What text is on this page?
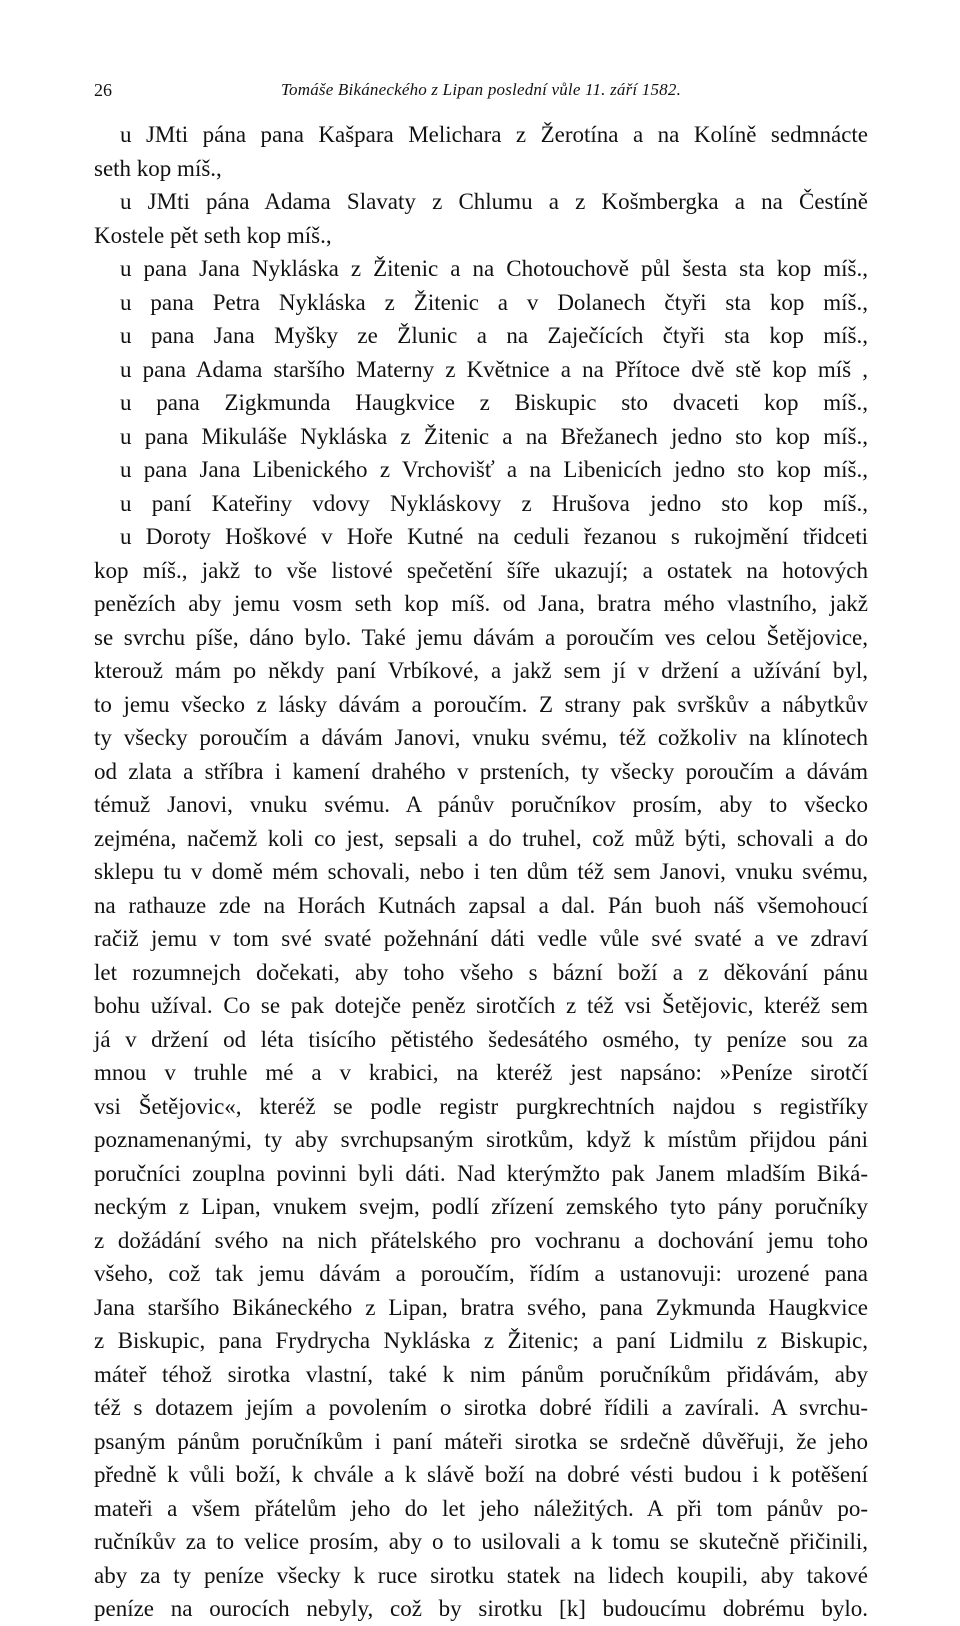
26	Tomáše Bikáneckého z Lipan poslední vůle 11. září 1582.
u JMti pána pana Kašpara Melichara z Žerotína a na Kolíně sedmnácte
seth kop míš.,
u JMti pána Adama Slavaty z Chlumu a z Košmbergka a na Čestíně
Kostele pět seth kop míš.,
u pana Jana Nykláska z Žitenic a na Chotouchově půl šesta sta kop míš.,
u pana Petra Nykláska z Žitenic a v Dolanech čtyři sta kop míš.,
u pana Jana Myšky ze Žlunic a na Zaječících čtyři sta kop míš.,
u pana Adama staršího Materny z Květnice a na Přítoce dvě stě kop míš ,
u pana Zigkmunda Haugkvice z Biskupic sto dvaceti kop míš.,
u pana Mikuláše Nykláska z Žitenic a na Břežanech jedno sto kop míš.,
u pana Jana Libenického z Vrchovišť a na Libenicích jedno sto kop míš.,
u paní Kateřiny vdovy Nykláskovy z Hrušova jedno sto kop míš.,
u Doroty Hoškové v Hoře Kutné na ceduli řezanou s rukojmění třidceti
kop míš., jakž to vše listové spečetění šíře ukazují; a ostatek na hotových
penězích aby jemu vosm seth kop míš. od Jana, bratra mého vlastního, jakž
se svrchu píše, dáno bylo. Také jemu dávám a poroučím ves celou Šetějovice,
kterouž mám po někdy paní Vrbíkové, a jakž sem jí v držení a užívání byl,
to jemu všecko z lásky dávám a poroučím. Z strany pak svrškův a nábytkův
ty všecky poroučím a dávám Janovi, vnuku svému, též cožkoliv na klínotech
od zlata a stříbra i kamení drahého v prsteních, ty všecky poroučím a dávám
témuž Janovi, vnuku svému. A pánův poručníkov prosím, aby to všecko
zejména, načemž koli co jest, sepsali a do truhel, což můž býti, schovali a do
sklepu tu v domě mém schovali, nebo i ten dům též sem Janovi, vnuku svému,
na rathauze zde na Horách Kutnách zapsal a dal. Pán buoh náš všemohoucí
račiž jemu v tom své svaté požehnání dáti vedle vůle své svaté a ve zdraví
let rozumnejch dočekati, aby toho všeho s bázní boží a z děkování pánu
bohu užíval. Co se pak dotejče peněz sirotčích z též vsi Šetějovic, kteréž sem
já v držení od léta tisícího pětistého šedesátého osmého, ty peníze sou za
mnou v truhle mé a v krabici, na kteréž jest napsáno: »Peníze sirotčí
vsi Šetějovic«, kteréž se podle registr purgkrechtních najdou s registříky
poznamenanými, ty aby svrchupsaným sirotkům, když k místům přijdou páni
poručníci zouplna povinni byli dáti. Nad kterýmžto pak Janem mladším Biká-
neckým z Lipan, vnukem svejm, podlí zřízení zemského tyto pány poručníky
z dožádání svého na nich přátelského pro vochranu a dochování jemu toho
všeho, což tak jemu dávám a poroučím, řídím a ustanovuji: urozené pana
Jana staršího Bikáneckého z Lipan, bratra svého, pana Zykmunda Haugkvice
z Biskupic, pana Frydrycha Nykláska z Žitenic; a paní Lidmilu z Biskupic,
máteř téhož sirotka vlastní, také k nim pánům poručníkům přidávám, aby
též s dotazem jejím a povolením o sirotka dobré řídili a zavírali. A svrchu-
psaným pánům poručníkům i paní máteři sirotka se srdečně důvěřuji, že jeho
předně k vůli boží, k chvále a k slávě boží na dobré vésti budou i k potěšení
mateři a všem přátelům jeho do let jeho náležitých. A při tom pánův po-
ručníkův za to velice prosím, aby o to usilovali a k tomu se skutečně přičinili,
aby za ty peníze všecky k ruce sirotku statek na lidech koupili, aby takové
peníze na ourocích nebyly, což by sirotku [k] budoucímu dobrému bylo.
